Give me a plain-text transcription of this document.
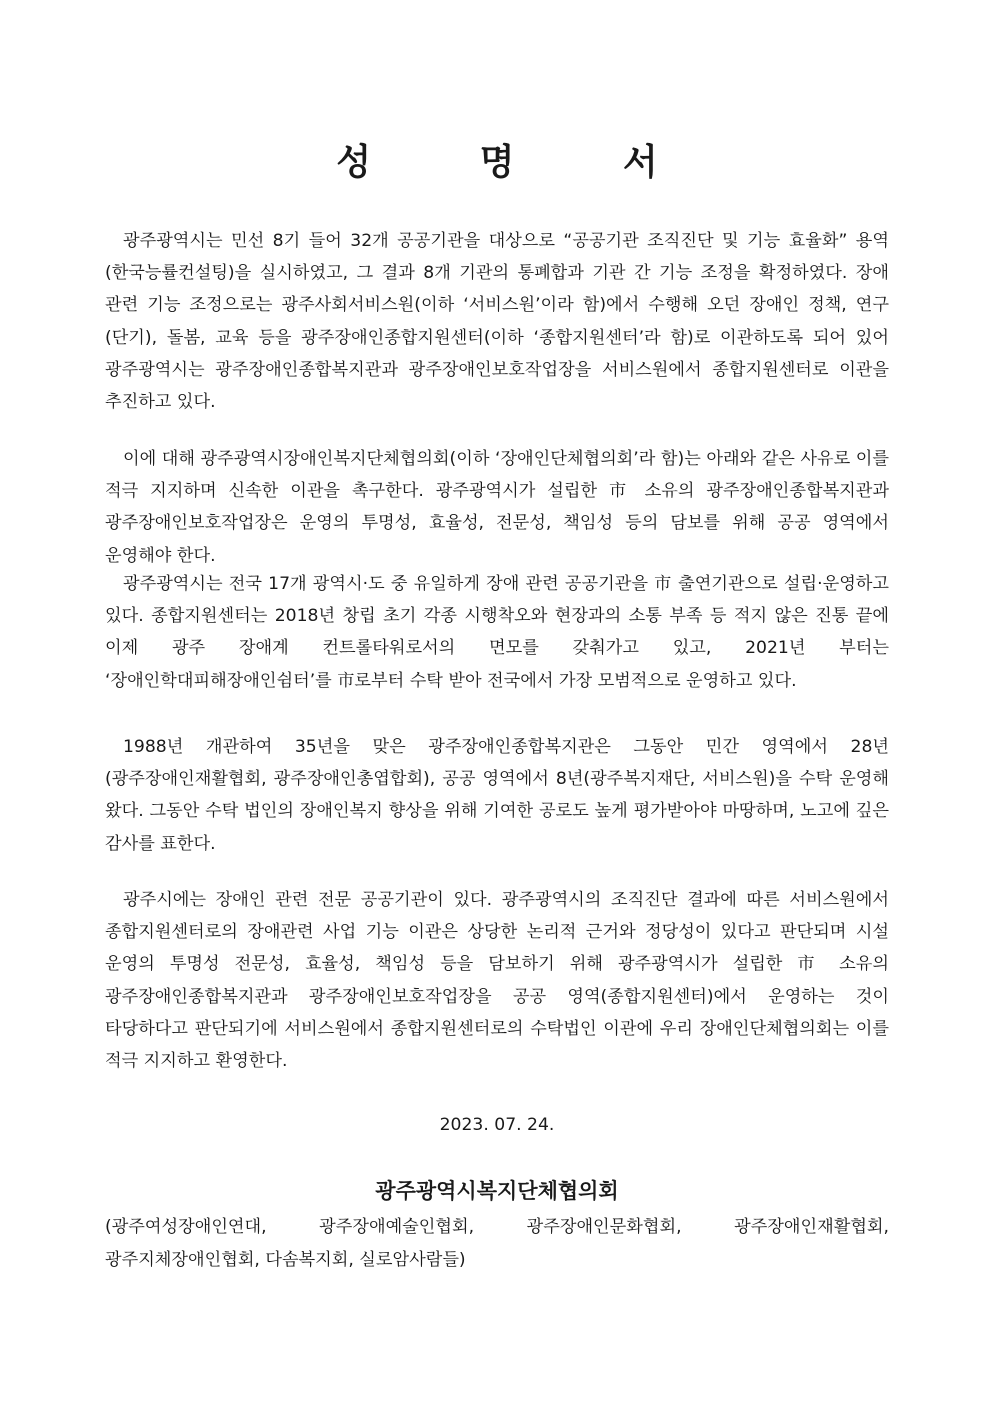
성 명 서

광주광역시는 민선 8기 들어 32개 공공기관을 대상으로 “공공기관 조직진단 및 기능 효율화” 용역(한국능률컨설팅)을 실시하였고, 그 결과 8개 기관의 통폐합과 기관 간 기능 조정을 확정하였다. 장애 관련 기능 조정으로는 광주사회서비스원(이하 ‘서비스원’이라 함)에서 수행해 오던 장애인 정책, 연구(단기), 돌봄, 교육 등을 광주장애인종합지원센터(이하 ‘종합지원센터’라 함)로 이관하도록 되어 있어 광주광역시는 광주장애인종합복지관과 광주장애인보호작업장을 서비스원에서 종합지원센터로 이관을 추진하고 있다.

이에 대해 광주광역시장애인복지단체협의회(이하 ‘장애인단체협의회’라 함)는 아래와 같은 사유로 이를 적극 지지하며 신속한 이관을 촉구한다. 광주광역시가 설립한 市 소유의 광주장애인종합복지관과 광주장애인보호작업장은 운영의 투명성, 효율성, 전문성, 책임성 등의 담보를 위해 공공 영역에서 운영해야 한다.

광주광역시는 전국 17개 광역시·도 중 유일하게 장애 관련 공공기관을 市 출연기관으로 설립·운영하고 있다. 종합지원센터는 2018년 창립 초기 각종 시행착오와 현장과의 소통 부족 등 적지 않은 진통 끝에 이제 광주 장애계 컨트롤타워로서의 면모를 갖춰가고 있고, 2021년 부터는 ‘장애인학대피해장애인쉼터’를 市로부터 수탁 받아 전국에서 가장 모범적으로 운영하고 있다.

1988년 개관하여 35년을 맞은 광주장애인종합복지관은 그동안 민간 영역에서 28년(광주장애인재활협회, 광주장애인총엽합회), 공공 영역에서 8년(광주복지재단, 서비스원)을 수탁 운영해 왔다. 그동안 수탁 법인의 장애인복지 향상을 위해 기여한 공로도 높게 평가받아야 마땅하며, 노고에 깊은 감사를 표한다.

광주시에는 장애인 관련 전문 공공기관이 있다. 광주광역시의 조직진단 결과에 따른 서비스원에서 종합지원센터로의 장애관련 사업 기능 이관은 상당한 논리적 근거와 정당성이 있다고 판단되며 시설 운영의 투명성 전문성, 효율성, 책임성 등을 담보하기 위해 광주광역시가 설립한 市 소유의 광주장애인종합복지관과 광주장애인보호작업장을 공공 영역(종합지원센터)에서 운영하는 것이 타당하다고 판단되기에 서비스원에서 종합지원센터로의 수탁법인 이관에 우리 장애인단체협의회는 이를 적극 지지하고 환영한다.

2023. 07. 24.

광주광역시복지단체협의회

(광주여성장애인연대, 광주장애예술인협회, 광주장애인문화협회, 광주장애인재활협회, 광주지체장애인협회, 다솜복지회, 실로암사람들)
